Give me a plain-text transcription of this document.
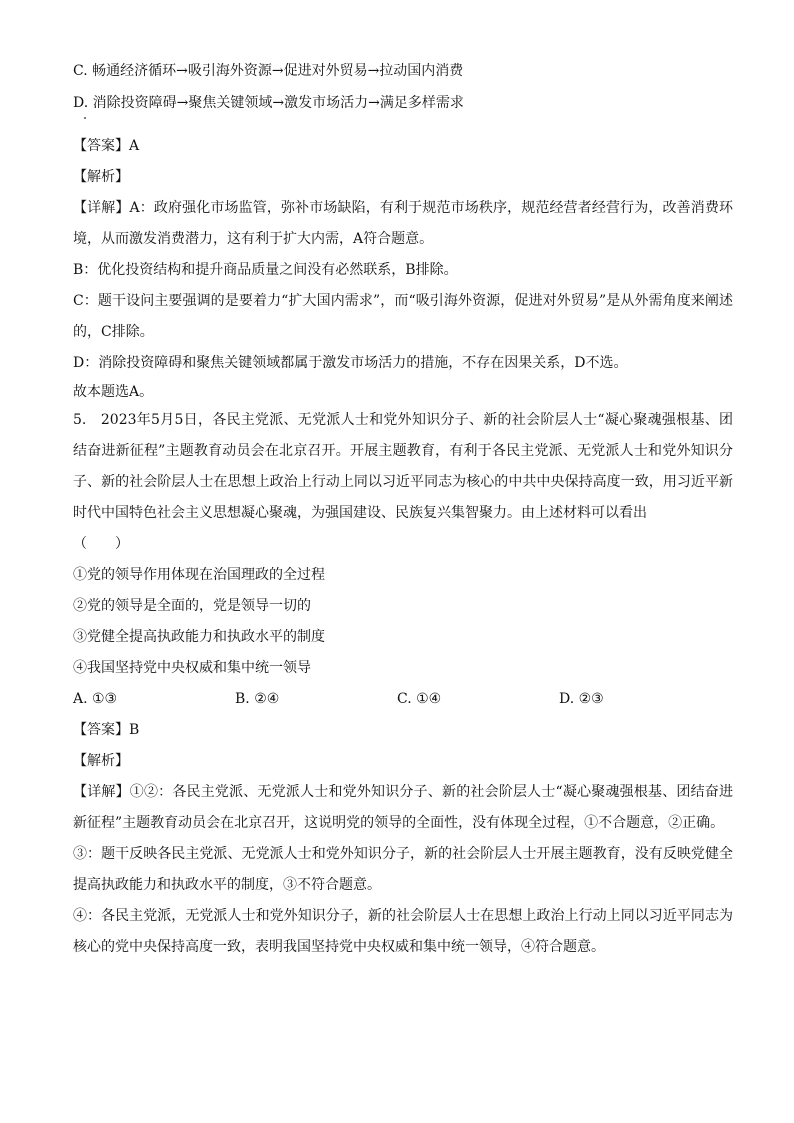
C. 畅通经济循环→吸引海外资源→促进对外贸易→拉动国内消费

D. 消除投资障碍→聚焦关键领域→激发市场活力→满足多样需求

【答案】A

【解析】

【详解】A：政府强化市场监管，弥补市场缺陷，有利于规范市场秩序，规范经营者经营行为，改善消费环境，从而激发消费潜力，这有利于扩大内需，A符合题意。

B：优化投资结构和提升商品质量之间没有必然联系，B排除。

C：题干设问主要强调的是要着力“扩大国内需求”，而“吸引海外资源，促进对外贸易”是从外需角度来阐述的，C排除。

D：消除投资障碍和聚焦关键领域都属于激发市场活力的措施，不存在因果关系，D不选。

故本题选A。

5.　2023年5月5日，各民主党派、无党派人士和党外知识分子、新的社会阶层人士“凝心聚魂强根基、团结奋进新征程”主题教育动员会在北京召开。开展主题教育，有利于各民主党派、无党派人士和党外知识分子、新的社会阶层人士在思想上政治上行动上同以习近平同志为核心的中共中央保持高度一致，用习近平新时代中国特色社会主义思想凝心聚魂，为强国建设、民族复兴集智聚力。由上述材料可以看出

（　　）

①党的领导作用体现在治国理政的全过程

②党的领导是全面的，党是领导一切的

③党健全提高执政能力和执政水平的制度

④我国坚持党中央权威和集中统一领导

A. ①③	B. ②④	C. ①④	D. ②③

【答案】B

【解析】

【详解】①②：各民主党派、无党派人士和党外知识分子、新的社会阶层人士“凝心聚魂强根基、团结奋进新征程”主题教育动员会在北京召开，这说明党的领导的全面性，没有体现全过程，①不合题意，②正确。

③：题干反映各民主党派、无党派人士和党外知识分子，新的社会阶层人士开展主题教育，没有反映党健全提高执政能力和执政水平的制度，③不符合题意。

④：各民主党派，无党派人士和党外知识分子，新的社会阶层人士在思想上政治上行动上同以习近平同志为核心的党中央保持高度一致，表明我国坚持党中央权威和集中统一领导，④符合题意。
